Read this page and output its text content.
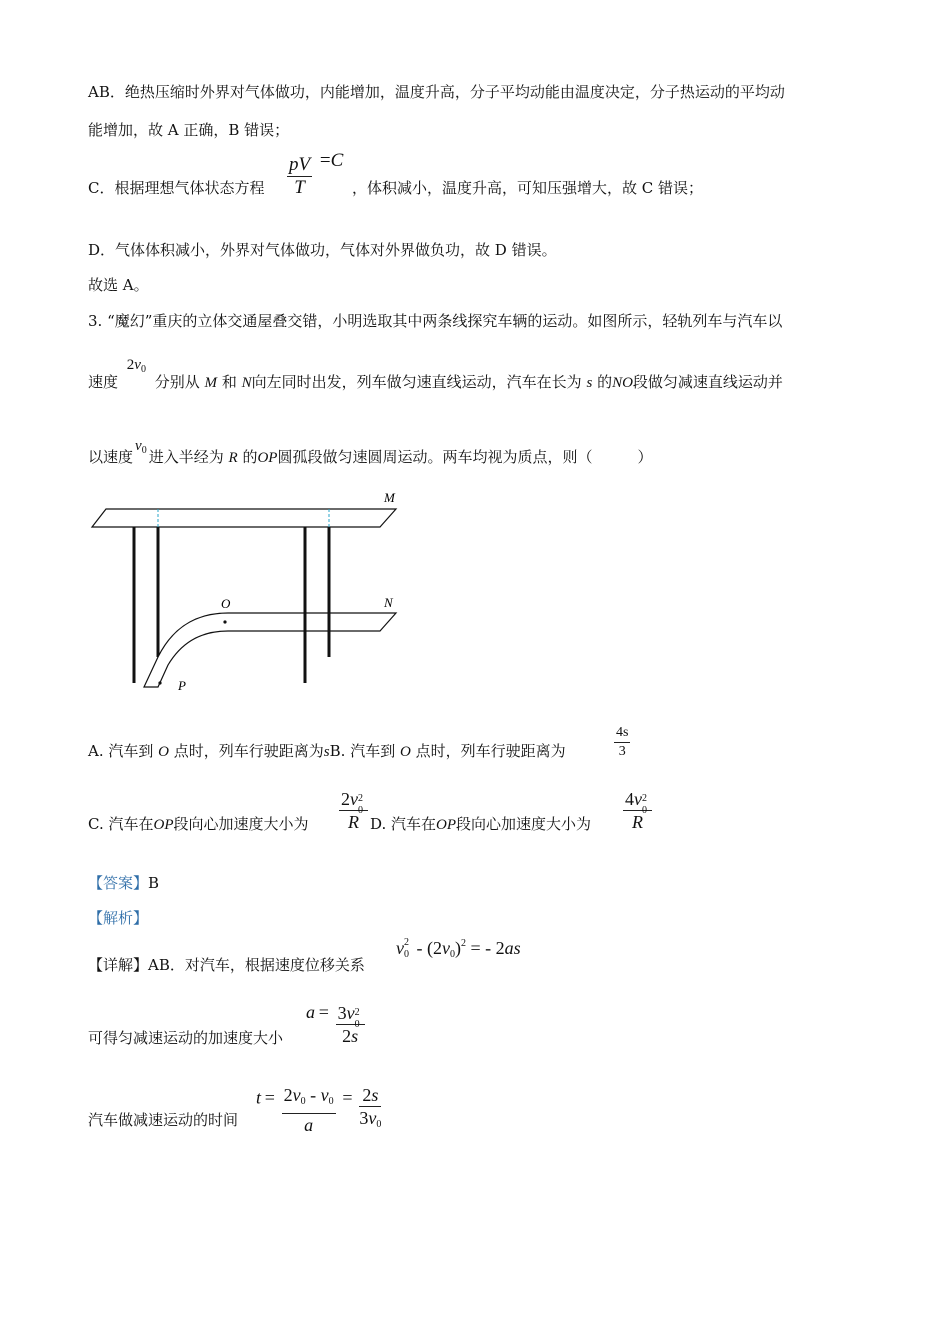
AB．绝热压缩时外界对气体做功，内能增加，温度升高，分子平均动能由温度决定，分子热运动的平均动
能增加，故 A 正确，B 错误；
C．根据理想气体状态方程 $\frac{pV}{T} =C$
，体积减小，温度升高，可知压强增大，故 C 错误；
D．气体体积减小，外界对气体做功，气体对外界做负功，故 D 错误。
故选 A。
3. “魔幻”重庆的立体交通屋叠交错，小明选取其中两条线探究车辆的运动。如图所示，轻轨列车与汽车以
速度 $2v_0$ 分别从 M 和 N向左同时出发，列车做匀速直线运动，汽车在长为 s 的NO段做匀减速直线运动并
以速度$v_0$ 进入半经为 R 的OP圆孤段做匀速圆周运动。两车均视为质点，则（　　　）
M
N
O
P
A. 汽车到 O 点时，列车行驶距离为sB. 汽车到 O 点时，列车行驶距离为	$\frac{4s}{3}$
C. 汽车在OP段向心加速度大小为 2v 2
0
R D. 汽车在OP段向心加速度大小为 4v 2
0
R
【答案】B
【解析】
【详解】AB．对汽车，根据速度位移关系
v 2
$0 - (2v_0)^2$ = - 2as
可得匀减速运动的加速度大小
a = 3v 2
0
2s
汽车做减速运动的时间
$t = \frac{2v_0 - v_0}{a} = \frac{2s}{3v_0}$
